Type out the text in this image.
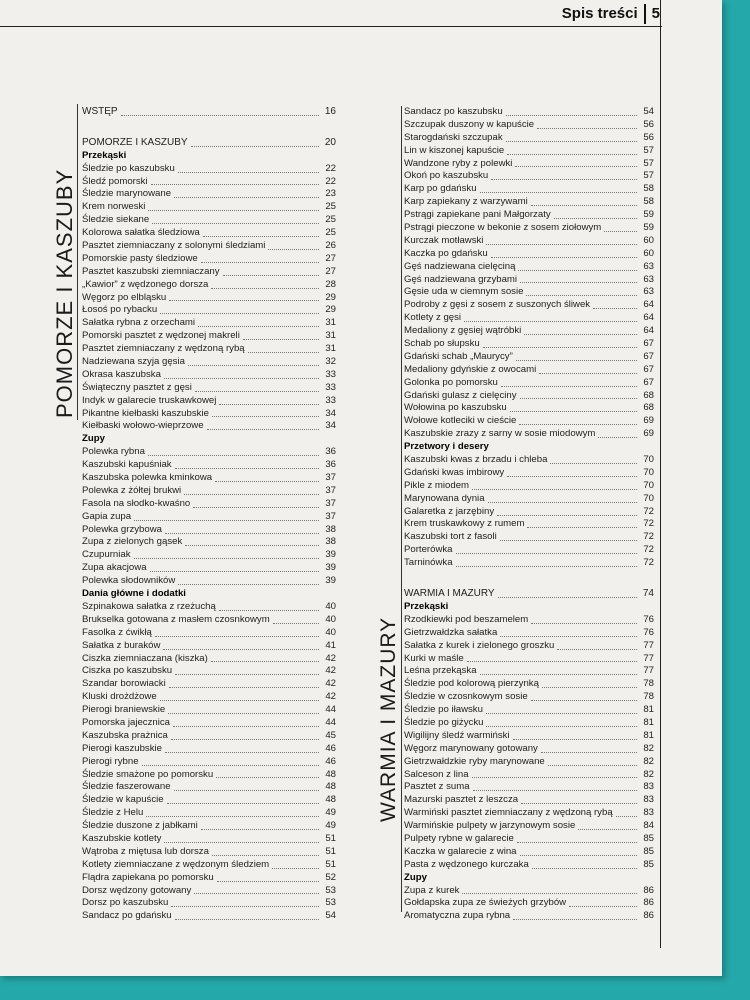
Spis treści 5
POMORZE I KASZUBY
WARMIA I MAZURY
WSTĘP	16
POMORZE I KASZUBY	20
Przekąski
Śledzie po kaszubsku	22
Śledź pomorski	22
Śledzie marynowane	23
Krem norweski	25
Śledzie siekane	25
Kolorowa sałatka śledziowa	25
Pasztet ziemniaczany z solonymi śledziami	26
Pomorskie pasty śledziowe	27
Pasztet kaszubski ziemniaczany	27
„Kawior” z wędzonego dorsza	28
Węgorz po elbląsku	29
Łosoś po rybacku	29
Sałatka rybna z orzechami	31
Pomorski pasztet z wędzonej makreli	31
Pasztet ziemniaczany z wędzoną rybą	31
Nadziewana szyja gęsia	32
Okrasa kaszubska	33
Świąteczny pasztet z gęsi	33
Indyk w galarecie truskawkowej	33
Pikantne kiełbaski kaszubskie	34
Kiełbaski wołowo-wieprzowe	34
Zupy
Polewka rybna	36
Kaszubski kapuśniak	36
Kaszubska polewka kminkowa	37
Polewka z żółtej brukwi	37
Fasola na słodko-kwaśno	37
Gapia zupa	37
Polewka grzybowa	38
Zupa z zielonych gąsek	38
Czupurniak	39
Zupa akacjowa	39
Polewka słodowników	39
Dania główne i dodatki
Szpinakowa sałatka z rzeżuchą	40
Brukselka gotowana z masłem czosnkowym	40
Fasolka z ćwikłą	40
Sałatka z buraków	41
Ciszka ziemniaczana (kiszka)	42
Ciszka po kaszubsku	42
Szandar borowiacki	42
Kluski drożdżowe	42
Pierogi braniewskie	44
Pomorska jajecznica	44
Kaszubska prażnica	45
Pierogi kaszubskie	46
Pierogi rybne	46
Śledzie smażone po pomorsku	48
Śledzie faszerowane	48
Śledzie w kapuście	48
Śledzie z Helu	49
Śledzie duszone z jabłkami	49
Kaszubskie kotlety	51
Wątroba z miętusa lub dorsza	51
Kotlety ziemniaczane z wędzonym śledziem	51
Flądra zapiekana po pomorsku	52
Dorsz wędzony gotowany	53
Dorsz po kaszubsku	53
Sandacz po gdańsku	54
Sandacz po kaszubsku	54
Szczupak duszony w kapuście	56
Starogdański szczupak	56
Lin w kiszonej kapuście	57
Wandzone ryby z polewki	57
Okoń po kaszubsku	57
Karp po gdańsku	58
Karp zapiekany z warzywami	58
Pstrągi zapiekane pani Małgorzaty	59
Pstrągi pieczone w bekonie z sosem ziołowym	59
Kurczak motławski	60
Kaczka po gdańsku	60
Gęś nadziewana cielęciną	63
Gęś nadziewana grzybami	63
Gęsie uda w ciemnym sosie	63
Podroby z gęsi z sosem z suszonych śliwek	64
Kotlety z gęsi	64
Medaliony z gęsiej wątróbki	64
Schab po słupsku	67
Gdański schab „Maurycy”	67
Medaliony gdyńskie z owocami	67
Golonka po pomorsku	67
Gdański gulasz z cielęciny	68
Wołowina po kaszubsku	68
Wołowe kotleciki w cieście	69
Kaszubskie zrazy z sarny w sosie miodowym	69
Przetwory i desery
Kaszubski kwas z brzadu i chleba	70
Gdański kwas imbirowy	70
Pikle z miodem	70
Marynowana dynia	70
Galaretka z jarzębiny	72
Krem truskawkowy z rumem	72
Kaszubski tort z fasoli	72
Porterówka	72
Tarninówka	72
WARMIA I MAZURY	74
Przekąski
Rzodkiewki pod beszamelem	76
Gietrzwałdzka sałatka	76
Sałatka z kurek i zielonego groszku	77
Kurki w maśle	77
Leśna przekąska	77
Śledzie pod kolorową pierzynką	78
Śledzie w czosnkowym sosie	78
Śledzie po iławsku	81
Śledzie po giżycku	81
Wigilijny śledź warmiński	81
Węgorz marynowany gotowany	82
Gietrzwałdzkie ryby marynowane	82
Salceson z lina	82
Pasztet z suma	83
Mazurski pasztet z leszcza	83
Warmiński pasztet ziemniaczany z wędzoną rybą	83
Warmińskie pulpety w jarzynowym sosie	84
Pulpety rybne w galarecie	85
Kaczka w galarecie z wina	85
Pasta z wędzonego kurczaka	85
Zupy
Zupa z kurek	86
Gołdapska zupa ze świeżych grzybów	86
Aromatyczna zupa rybna	86
